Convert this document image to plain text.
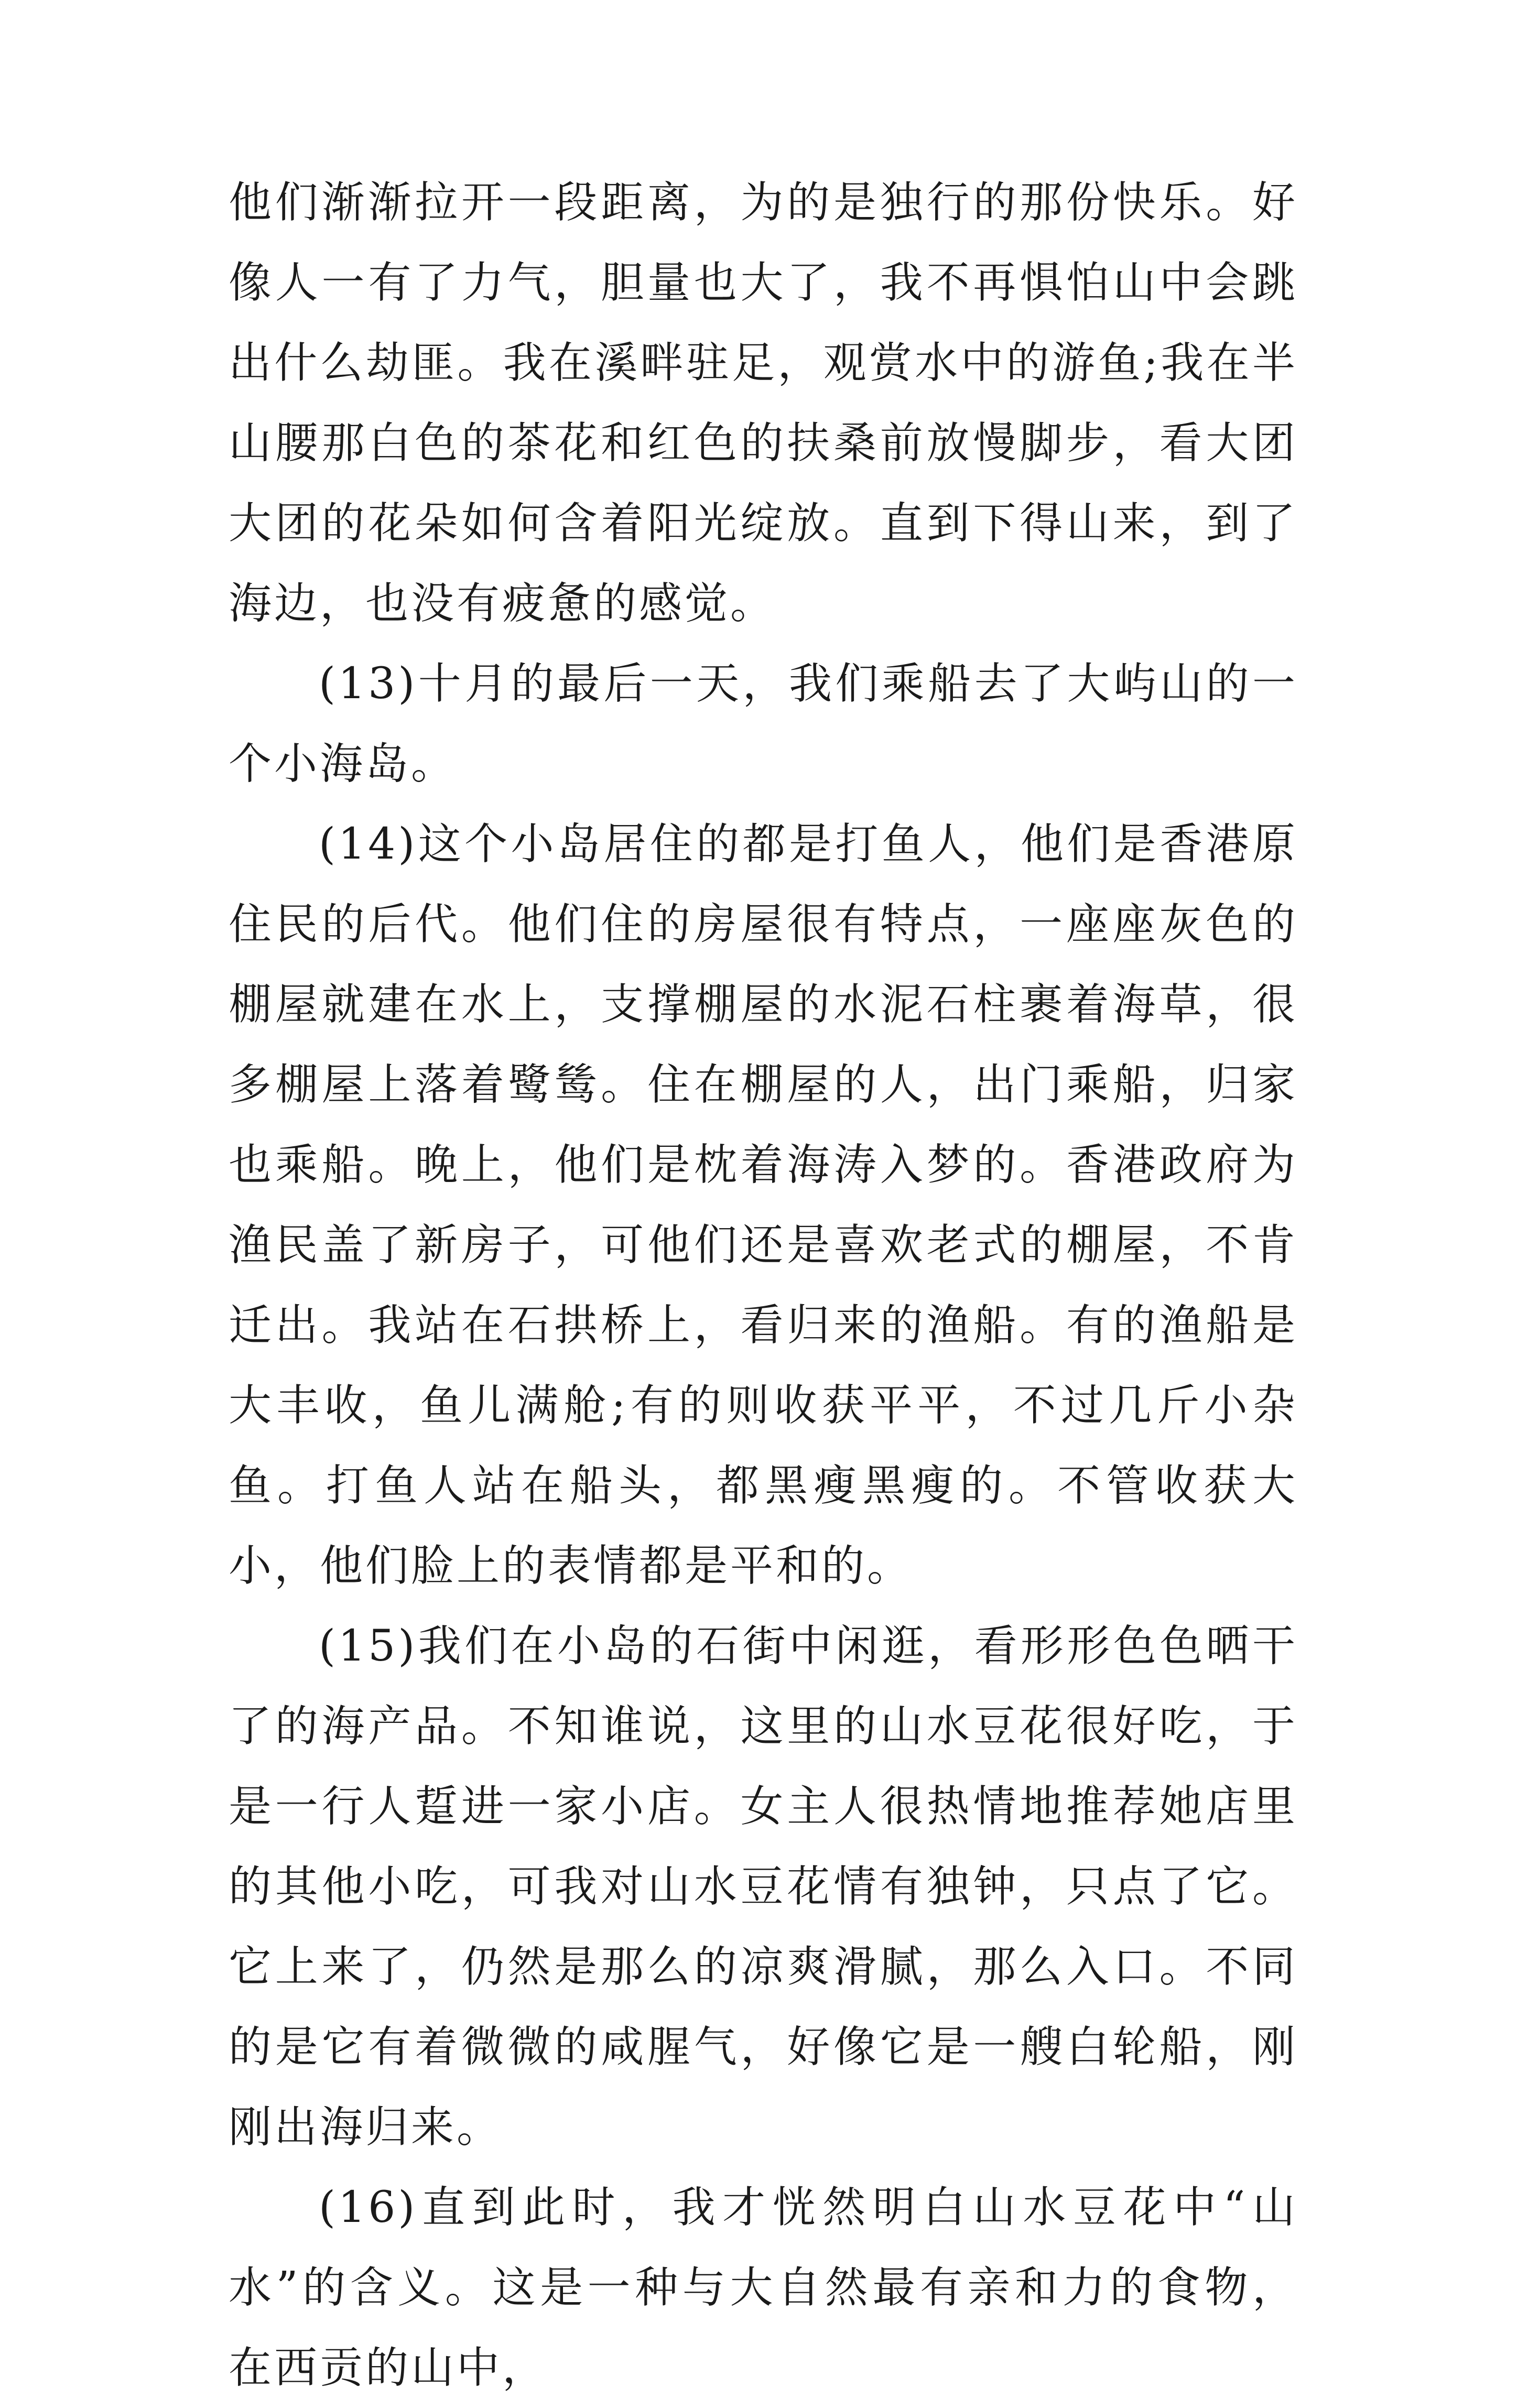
他们渐渐拉开一段距离，为的是独行的那份快乐。好像人一有了力气，胆量也大了，我不再惧怕山中会跳出什么劫匪。我在溪畔驻足，观赏水中的游鱼;我在半山腰那白色的茶花和红色的扶桑前放慢脚步，看大团大团的花朵如何含着阳光绽放。直到下得山来，到了海边，也没有疲惫的感觉。

(13)十月的最后一天，我们乘船去了大屿山的一个小海岛。

(14)这个小岛居住的都是打鱼人，他们是香港原住民的后代。他们住的房屋很有特点，一座座灰色的棚屋就建在水上，支撑棚屋的水泥石柱裹着海草，很多棚屋上落着鹭鸶。住在棚屋的人，出门乘船，归家也乘船。晚上，他们是枕着海涛入梦的。香港政府为渔民盖了新房子，可他们还是喜欢老式的棚屋，不肯迁出。我站在石拱桥上，看归来的渔船。有的渔船是大丰收，鱼儿满舱;有的则收获平平，不过几斤小杂鱼。打鱼人站在船头，都黑瘦黑瘦的。不管收获大小，他们脸上的表情都是平和的。

(15)我们在小岛的石街中闲逛，看形形色色晒干了的海产品。不知谁说，这里的山水豆花很好吃，于是一行人踅进一家小店。女主人很热情地推荐她店里的其他小吃，可我对山水豆花情有独钟，只点了它。它上来了，仍然是那么的凉爽滑腻，那么入口。不同的是它有着微微的咸腥气，好像它是一艘白轮船，刚刚出海归来。

(16)直到此时，我才恍然明白山水豆花中“山水”的含义。这是一种与大自然最有亲和力的食物，在西贡的山中，
